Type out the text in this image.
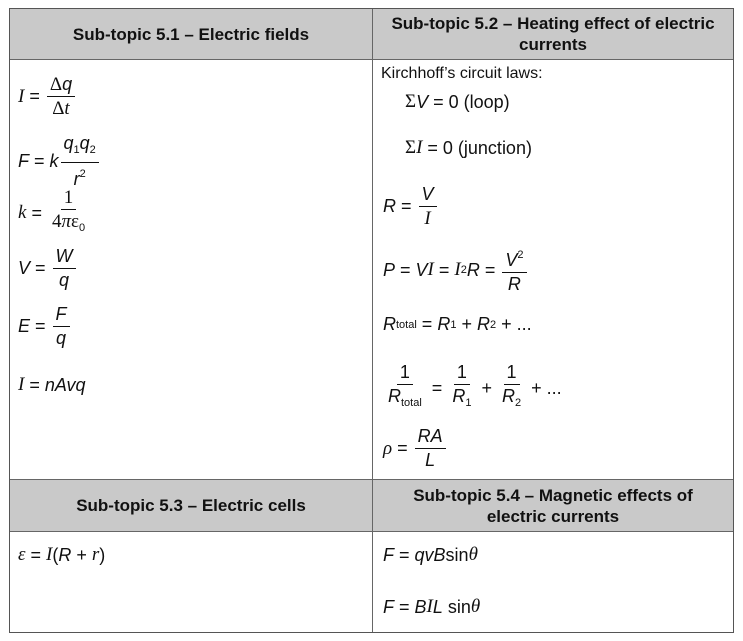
Sub-topic 5.1 – Electric fields
Sub-topic 5.2 – Heating effect of electric currents
Sub-topic 5.3 – Electric cells
Sub-topic 5.4 – Magnetic effects of electric currents
$I = \frac{\Delta q}{\Delta t}$
F = k $\frac{q_1q_2}{r^2}$
$k = \frac{1}{4\pi\varepsilon_0}$
$V = \frac{W}{q}$
$E = \frac{F}{q}$
I = nAvq
Kirchhoff’s circuit laws:
Σ V = 0 (loop)
Σ I = 0 (junction)
$R = \frac{V}{I}$
P = V I = I 2 $R = \frac{V^2}{R}$
R total = R 1 + R 2 + ...
$\frac{1}{R_{total}} = \frac{1}{R_1} + \frac{1}{R_2}$ + ...
$\rho = \frac{RA}{L}$
ε = I ( R + r )	F = qvB sin θ
F = B I L sin θ
